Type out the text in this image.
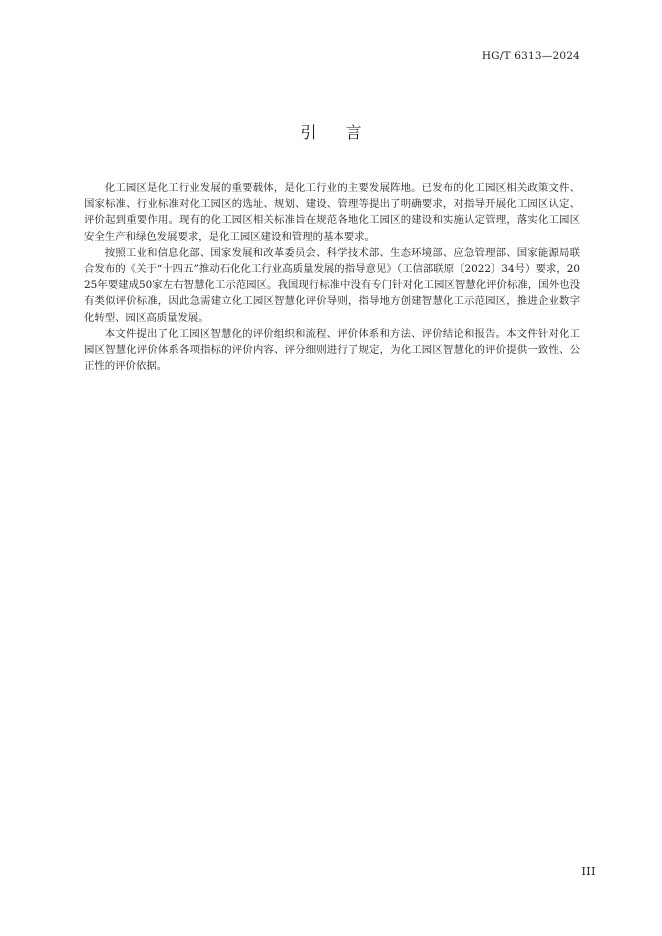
HG/T 6313—2024
引 言

化工园区是化工行业发展的重要载体，是化工行业的主要发展阵地。已发布的化工园区相关政策文件、国家标准、行业标准对化工园区的选址、规划、建设、管理等提出了明确要求，对指导开展化工园区认定、评价起到重要作用。现有的化工园区相关标准旨在规范各地化工园区的建设和实施认定管理，落实化工园区安全生产和绿色发展要求，是化工园区建设和管理的基本要求。

按照工业和信息化部、国家发展和改革委员会、科学技术部、生态环境部、应急管理部、国家能源局联合发布的《关于“十四五”推动石化化工行业高质量发展的指导意见》（工信部联原〔2022〕34号）要求，2025年要建成50家左右智慧化工示范园区。我国现行标准中没有专门针对化工园区智慧化评价标准，国外也没有类似评价标准，因此急需建立化工园区智慧化评价导则，指导地方创建智慧化工示范园区，推进企业数字化转型、园区高质量发展。

本文件提出了化工园区智慧化的评价组织和流程、评价体系和方法、评价结论和报告。本文件针对化工园区智慧化评价体系各项指标的评价内容、评分细则进行了规定，为化工园区智慧化的评价提供一致性、公正性的评价依据。

III
